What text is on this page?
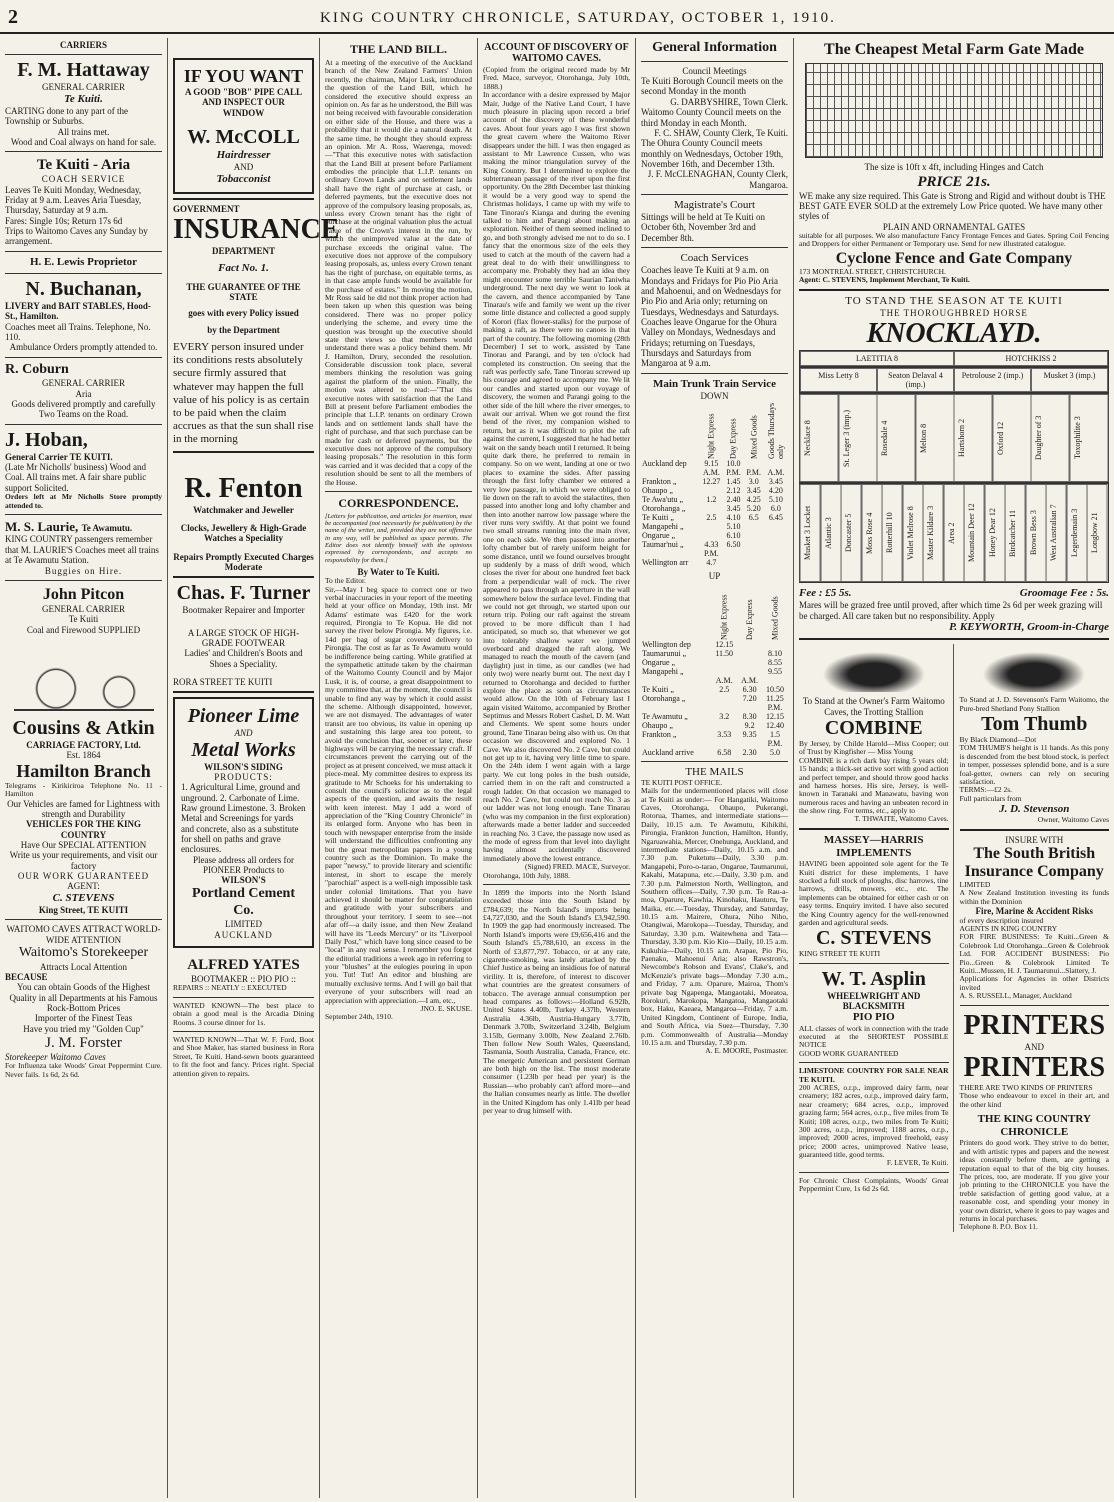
2	KING COUNTRY CHRONICLE, SATURDAY, OCTOBER 1, 1910.
CARRIERS
F. M. Hattaway
GENERAL CARRIER
Te Kuiti.
CARTING done to any part of the Township or Suburbs.
All trains met.
Wood and Coal always on hand for sale.
Te Kuiti - Aria
COACH SERVICE
Leaves Te Kuiti Monday, Wednesday, Friday at 9 a.m. Leaves Aria Tuesday, Thursday, Saturday at 9 a.m.
Fares: Single 10s; Return 17s 6d
Trips to Waitomo Caves any Sunday by arrangement.
H. E. Lewis Proprietor
N. Buchanan,
LIVERY and BAIT STABLES, Hood-St., Hamilton.
Coaches meet all Trains. Telephone, No. 110.
Ambulance Orders promptly attended to.
R. Coburn
GENERAL CARRIER
Aria
Goods delivered promptly and carefully
Two Teams on the Road.
J. Hoban,
General Carrier TE KUITI.
(Late Mr Nicholls' business) Wood and Coal. All trains met. A fair share public support Solicited.
Orders left at Mr Nicholls Store promptly attended to.
M. S. Laurie, Te Awamutu.
KING COUNTRY passengers remember that M. LAURIE'S Coaches meet all trains at Te Awamutu Station.
Buggies on Hire.
John Pitcon
GENERAL CARRIER
Te Kuiti
Coal and Firewood SUPPLIED
Cousins & Atkin
CARRIAGE FACTORY, Ltd.
Est. 1864
Hamilton Branch
Telegrams - Kirikiriroa Telephone No. 11 - Hamilton
Our Vehicles are famed for Lightness with strength and Durability
VEHICLES FOR THE KING COUNTRY
Have Our SPECIAL ATTENTION
Write us your requirements, and visit our factory
OUR WORK GUARANTEED
AGENT:
C. STEVENS
King Street, TE KUITI
WAITOMO CAVES ATTRACT WORLD-WIDE ATTENTION
Waitomo's Storekeeper
Attracts Local Attention
BECAUSE
You can obtain Goods of the Highest Quality in all Departments at his Famous Rock-Bottom Prices
Importer of the Finest Teas
Have you tried my "Golden Cup"
J. M. Forster
Storekeeper Waitomo Caves
For Influenza take Woods' Great Peppermint Cure. Never fails. 1s 6d, 2s 6d.
IF YOU WANT
A GOOD "BOB" PIPE CALL AND INSPECT OUR WINDOW
W. McCOLL
Hairdresser
AND
Tobacconist
GOVERNMENT
INSURANCE
DEPARTMENT
Fact No. 1.
THE GUARANTEE OF THE STATE
goes with every Policy issued
by the Department
EVERY person insured under its conditions rests absolutely secure firmly assured that whatever may happen the full value of his policy is as certain to be paid when the claim accrues as that the sun shall rise in the morning
R. Fenton
Watchmaker and Jeweller
Clocks, Jewellery & High-Grade Watches a Speciality
Repairs Promptly Executed Charges Moderate
Chas. F. Turner
Bootmaker Repairer and Importer
A LARGE STOCK OF HIGH-GRADE FOOTWEAR
Ladies' and Children's Boots and Shoes a Speciality.
RORA STREET TE KUITI
Pioneer Lime
AND
Metal Works
WILSON'S SIDING
PRODUCTS:
1. Agricultural Lime, ground and unground. 2. Carbonate of Lime. Raw ground Limestone. 3. Broken Metal and Screenings for yards and concrete, also as a substitute for shell on paths and grave enclosures.
Please address all orders for PIONEER Products to
WILSON'S
Portland Cement Co.
LIMITED
AUCKLAND
ALFRED YATES
BOOTMAKER :: PIO PIO ::
REPAIRS :: NEATLY :: EXECUTED
WANTED KNOWN—The best place to obtain a good meal is the Arcadia Dining Rooms. 3 course dinner for 1s.
WANTED KNOWN—That W. F. Ford, Boot and Shoe Maker, has started business in Rora Street, Te Kuiti. Hand-sewn boots guaranteed to fit the foot and fancy. Prices right. Special attention given to repairs.
THE LAND BILL.
At a meeting of the executive of the Auckland branch of the New Zealand Farmers' Union recently, the chairman, Major Lusk, introduced the question of the Land Bill, which he considered the executive should express an opinion on. As far as he understood, the Bill was not being received with favourable consideration on either side of the House, and there was a probability that it would die a natural death. At the same time, he thought they should express an opinion. Mr A. Ross, Waerenga, moved:—"That this executive notes with satisfaction that the Land Bill at present before Parliament embodies the principle that L.I.P. tenants on ordinary Crown Lands and on settlement lands shall have the right of purchase at cash, or deferred payments, but the executive does not approve of the compulsory leasing proposals, as, unless every Crown tenant has the right of purchase at the original valuation plus the actual value of the Crown's interest in the run, by which the unimproved value at the date of purchase exceeds the original value. The executive does not approve of the compulsory leasing proposals, as, unless every Crown tenant has the right of purchase, on equitable terms, as in that case ample funds would be available for the purchase of estates." In moving the motion, Mr Ross said he did not think proper action had been taken up when this question was being considered. There was no proper policy underlying the scheme, and every time the question was brought up the executive should state their views so that members would understand there was a policy behind them. Mr J. Hamilton, Drury, seconded the resolution. Considerable discussion took place, several members thinking the resolution was going against the platform of the union. Finally, the motion was altered to read:—"That this executive notes with satisfaction that the Land Bill at present before Parliament embodies the principle that L.I.P. tenants on ordinary Crown lands and on settlement lands shall have the right of purchase, and that such purchase can be made for cash or deferred payments, but the executive does not approve of the compulsory leasing proposals." The resolution in this form was carried and it was decided that a copy of the resolution should be sent to all the members of the House.
CORRESPONDENCE.
[Letters for publication, and articles for insertion, must be accompanied (not necessarily for publication) by the name of the writer, and, provided they are not offensive in any way, will be published as space permits. The Editor does not identify himself with the opinions expressed by correspondents, and accepts no responsibility for them.]
By Water to Te Kuiti.
To the Editor.
Sir,—May I beg space to correct one or two verbal inaccuracies in your report of the meeting held at your office on Monday, 19th inst. Mr Adams' estimate was £420 for the work required, Pirongia to Te Kopua. He did not survey the river below Pirongia. My figures, i.e. 14d per bag of sugar covered delivery to Pirongia. The cost as far as Te Awamutu would be indifference being carting. While gratified at the sympathetic attitude taken by the chairman of the Waitomo County Council and by Major Lusk, it is, of course, a great disappointment to my committee that, at the moment, the council is unable to find any way by which it could assist the scheme. Although disappointed, however, we are not dismayed. The advantages of water transit are too obvious, its value in opening up and sustaining this large area too potent, to avoid the conclusion that, sooner or later, these highways will be carrying the necessary craft. If circumstances prevent the carrying out of the project as at present conceived, we must attack it piece-meal. My committee desires to express its gratitude to Mr Schoeks for his undertaking to consult the council's solicitor as to the legal aspects of the question, and awaits the result with keen interest. May I add a word of appreciation of the "King Country Chronicle" in its enlarged form. Anyone who has been in touch with newspaper enterprise from the inside will understand the difficulties confronting any but the great metropolitan papers in a young country such as the Dominion. To make the paper "newsy," to provide literary and scientific interest, in short to escape the merely "parochial" aspect is a well-nigh impossible task under colonial limitations. That you have achieved it should be matter for congratulation and gratitude with your subscribers and throughout your territory. I seem to see—not afar off—a daily issue, and then New Zealand will have its "Leeds Mercury" or its "Liverpool Daily Post," which have long since ceased to be "local" in any real sense. I remember you forgot the editorial traditions a week ago in referring to your "blushes" at the eulogies pouring in upon you. Tut! Tut! An editor and blushing are mutually exclusive terms. And I will go bail that everyone of your subscribers will read an appreciation with appreciation.—I am, etc.,
JNO. E. SKUSE.
September 24th, 1910.
ACCOUNT OF DISCOVERY OF WAITOMO CAVES.
(Copied from the original record made by Mr Fred. Mace, surveyor, Otorohanga, July 10th, 1888.)
In accordance with a desire expressed by Major Mair, Judge of the Native Land Court, I have much pleasure in placing upon record a brief account of the discovery of these wonderful caves. About four years ago I was first shown the great cavern where the Waitomo River disappears under the hill. I was then engaged as assistant to Mr Lawrence Cussen, who was making the minor triangulation survey of the King Country. But I determined to explore the subterranean passage of the river upon the first opportunity. On the 28th December last thinking it would be a very good way to spend the Christmas holidays, I came up with my wife to Tane Tinorau's Kianga and during the evening talked to him and Parangi about making an exploration. Neither of them seemed inclined to go, and both strongly advised me not to do so. I fancy that the enormous size of the eels they used to catch at the mouth of the cavern had a great deal to do with their unwillingness to accompany me. Probably they had an idea they might encounter some terrible Saurian Taniwha underground. The next day we went to look at the cavern, and thence accompanied by Tane Tinarau's wife and family we went up the river some little distance and collected a good supply of Korori (flax flower-stalks) for the purpose of making a raft, as there were no canoes in that part of the country. The following morning (28th December) I set to work, assisted by Tane Tinorau and Parangi, and by ten o'clock had completed its construction. On seeing that the raft was perfectly safe, Tane Tinorau screwed up his courage and agreed to accompany me. We lit our candles and started upon our voyage of discovery, the women and Parangi going to the other side of the hill where the river emerges, to await our arrival. When we got round the first bend of the river, my companion wished to return, but as it was difficult to pilot the raft against the current, I suggested that he had better wait on the sandy beach until I returned. It being quite dark there, he preferred to remain in company. So on we went, landing at one or two places to examine the sides. After passing through the first lofty chamber we entered a very low passage, in which we were obliged to lie down on the raft to avoid the stalactites, then passed into another long and lofty chamber and then into another narrow low passage where the river runs very swiftly. At that point we found two small streams running into the main river, one on each side. We then passed into another lofty chamber but of rarely uniform height for some distance, until we found ourselves brought up suddenly by a mass of drift wood, which closes the river for about one hundred feet back from a perpendicular wall of rock. The river appeared to pass through an aperture in the wall somewhere below the surface level. Finding that we could not get through, we started upon our return trip. Poling our raft against the stream proved to be more difficult than I had anticipated, so much so, that whenever we got into tolerably shallow water we jumped overboard and dragged the raft along. We managed to reach the mouth of the cavern (and daylight) just in time, as our candles (we had only two) were nearly burnt out. The next day I returned to Otorohanga and decided to further explore the place as soon as circumstances would allow. On the 10th of February last I again visited Waitomo, accompanied by Brother Septimus and Messrs Robert Cashel, D. M. Watt and Clements. We spent some hours under ground, Tane Tinarau being also with us. On that occasion we discovered and explored No. 1 Cave. We also discovered No. 2 Cave, but could not get up to it, having very little time to spare. On the 24th idem I went again with a large party. We cut long poles in the bush outside, carried them in on the raft and constructed a rough ladder. On that occasion we managed to reach No. 2 Cave, but could not reach No. 3 as our ladder was not long enough. Tane Tinarau (who was my companion in the first exploration) afterwards made a better ladder and succeeded in reaching No. 3 Cave, the passage now used as the mode of egress from that level into daylight having almost accidentally discovered immediately above the lowest entrance.
(Signed) FRED. MACE, Surveyor.
Otorohanga, 10th July, 1888.
In 1899 the imports into the North Island exceeded those into the South Island by £784,639; the North Island's imports being £4,727,030, and the South Island's £3,942,590. In 1909 the gap had enormously increased. The North Island's imports were £9,656,416 and the South Island's £5,788,610, an excess in the North of £3,877,797. Tobacco, or at any rate, cigarette-smoking, was lately attacked by the Chief Justice as being an insidious foe of natural virility. It is, therefore, of interest to discover what countries are the greatest consumers of tobacco. The average annual consumption per head compares as follows:—Holland 6.92lb, United States 4.40lb, Turkey 4.37lb, Western Australia 4.36lb, Austria-Hungary 3.77lb, Denmark 3.70lb, Switzerland 3.24lb, Belgium 3.15lb, Germany 3.00lb, New Zealand 2.76lb. Then follow New South Wales, Queensland, Tasmania, South Australia, Canada, France, etc. The energetic American and persistent German are both high on the list. The most moderate consumer (1.23lb per head per year) is the Russian—who probably can't afford more—and the Italian consumes nearly as little. The dweller in the United Kingdom has only 1.41lb per head per year to drug himself with.
General Information
Council Meetings
Te Kuiti Borough Council meets on the second Monday in the month
G. DARBYSHIRE, Town Clerk.
Waitomo County Council meets on the third Monday in each Month.
F. C. SHAW, County Clerk, Te Kuiti.
The Ohura County Council meets monthly on Wednesdays, October 19th, November 16th, and December 13th.
J. F. McCLENAGHAN, County Clerk, Mangaroa.
Magistrate's Court
Sittings will be held at Te Kuiti on October 6th, November 3rd and December 8th.
Coach Services
Coaches leave Te Kuiti at 9 a.m. on Mondays and Fridays for Pio Pio Aria and Mahoenui, and on Wednesdays for Pio Pio and Aria only; returning on Tuesdays, Wednesdays and Saturdays.
Coaches leave Ongarue for the Ohura Valley on Mondays, Wednesdays and Fridays; returning on Tuesdays, Thursdays and Saturdays from Mangaroa at 9 a.m.
Main Trunk Train Service
DOWN
	Night Express	Day Express	Mixed Goods	Goods Thursdays only
Auckland dep	9.15	10.0		
	A.M.	P.M.	P.M.	A.M.
Frankton „	12.27	1.45	3.0	3.45
Ohaupo „		2.12	3.45	4.20
Te Awa'utu „	1.2	2.40	4.25	5.10
Otorohanga „		3.45	5.20	6.0
Te Kuiti „	2.5	4.10	6.5	6.45
Mangapehi „		5.10		
Ongarue „		6.10		
Taumar'nui „	4.33	6.50		
	P.M.			
Wellington arr	4.7			
UP
	Night Express	Day Express	Mixed Goods
Wellington dep	12.15		
Taumarunui „	11.50		8.10
Ongarue „			8.55
Mangapehi „			9.55
	A.M.	A.M.	
Te Kuiti „	2.5	6.30	10.50
Otorohanga „		7.20	11.25
			P.M.
Te Awamutu „	3.2	8.30	12.15
Ohaupo „		9.2	12.40
Frankton „	3.53	9.35	1.5
			P.M.
Auckland arrive	6.58	2.30	5.0
THE MAILS
TE KUITI POST OFFICE.
Mails for the undermentioned places will close at Te Kuiti as under:— For Hangatiki, Waitomo Caves, Otorohanga, Ohaupo, Pukerangi, Rotorua, Thames, and intermediate stations—Daily, 10.15 a.m. Te Awamutu, Kihikihi, Pirongia, Frankton Junction, Hamilton, Huntly, Ngaruawahia, Mercer, Onehunga, Auckland, and intermediate stations—Daily, 10.15 a.m. and 7.30 p.m. Puketutu—Daily, 3.30 p.m. Mangapehi, Poro-o-tarao, Ongarue, Taumarunui, Kakahi, Matapuna, etc.—Daily, 3.30 p.m. and 7.30 p.m. Palmerston North, Wellington, and Southern offices—Daily, 7.30 p.m. Te Rau-a-moa, Oparure, Kawhia, Kinohaku, Hauturu, Te Maika, etc.—Tuesday, Thursday, and Saturday, 10.15 a.m. Mairere, Ohura, Niho Niho, Otangiwai, Marokopa—Tuesday, Thursday, and Saturday, 3.30 p.m. Waitewhena and Tata—Thursday, 3.30 p.m. Kio Kio—Daily, 10.15 a.m. Kukuhia—Daily, 10.15 a.m. Arapae, Pio Pio, Paenako, Mahoenui Aria; also Rawstron's, Newcombe's Robson and Evans', Clake's, and McKenzie's private bags—Monday 7.30 a.m., and Friday, 7 a.m. Oparure, Mairoa, Thom's private bag Ngapenga, Mangaotaki, Moeatoa, Rorokuri, Marokopa, Mangatoa, Mangaotaki box, Haku, Kaeaea, Mangaroa—Friday, 7 a.m. United Kingdom, Continent of Europe, India, and South Africa, via Suez—Thursday, 7.30 p.m. Commonwealth of Australia—Monday 10.15 a.m. and Thursday, 7.30 p.m.
A. E. MOORE, Postmaster.
The Cheapest Metal Farm Gate Made
The size is 10ft x 4ft, including Hinges and Catch
PRICE 21s.
WE make any size required. This Gate is Strong and Rigid and without doubt is THE BEST GATE EVER SOLD at the extremely Low Price quoted. We have many other styles of
PLAIN AND ORNAMENTAL GATES
suitable for all purposes. We also manufacture Fancy Frontage Fences and Gates. Spring Coil Fencing and Droppers for either Permanent or Temporary use. Send for new illustrated catalogue.
Cyclone Fence and Gate Company
173 MONTREAL STREET, CHRISTCHURCH.
Agent: C. STEVENS, Implement Merchant, Te Kuiti.
TO STAND THE SEASON AT TE KUITI
THE THOROUGHBRED HORSE
KNOCKLAYD.
LAETITIA 8	HOTCHKISS 2
Miss Letty 8	Seaton Delaval 4 (imp.)
Petrolouse 2 (imp.)	Musket 3 (imp.)
Necklace 8	St. Leger 3 (imp.)	Rosedale 4	Melton 8	Hartshorn 2	Oxford 12	Daughter of 3	Toxophilite 3
Musket 3 Locket	Atlantic 3	Doncaster 5	Moss Rose 4	Rotterhill 10	Violet Melrose 8	Master Kildare 3	Area 2	Mountain Deer 12	Honey Dear 12	Birdcatcher 11	Brown Bess 3	West Australian 7	Legerdemain 3	Longbow 21
Fee : £5 5s.	Groomage Fee : 5s.
Mares will be grazed free until proved, after which time 2s 6d per week grazing will be charged. All care taken but no responsibility. Apply
P. KEYWORTH, Groom-in-Charge
To Stand at the Owner's Farm Waitomo Caves, the Trotting Stallion
COMBINE
By Jersey, by Childe Harold—Miss Cooper; out of Trust by Kingfisher — Miss Young
COMBINE is a rich dark bay rising 5 years old; 15 hands; a thick-set active sort with good action and perfect temper, and should throw good hacks and harness horses. His sire, Jersey, is well-known in Taranaki and Manawatu, having won numerous races and having an unbeaten record in the show ring. For terms, etc., apply to
T. THWAITE, Waitomo Caves.
MASSEY—HARRIS IMPLEMENTS
HAVING been appointed sole agent for the Te Kuiti district for these implements, I have stocked a full stock of ploughs, disc harrows, tine harrows, drills, mowers, etc., etc. The implements can be obtained for either cash or on easy terms. Enquiry invited. I have also secured the King Country agency for the well-renowned garden and agricultural seeds.
C. STEVENS
KING STREET TE KUITI
W. T. Asplin
WHEELWRIGHT AND BLACKSMITH
PIO PIO
ALL classes of work in connection with the trade executed at the SHORTEST POSSIBLE NOTICE
GOOD WORK GUARANTEED
LIMESTONE COUNTRY FOR SALE NEAR TE KUITI.
200 ACRES, o.r.p., improved dairy farm, near creamery; 182 acres, o.r.p., improved dairy farm, near creamery; 684 acres, o.r.p., improved grazing farm; 564 acres, o.r.p., five miles from Te Kuiti; 108 acres, o.r.p., two miles from Te Kuiti; 300 acres, o.r.p., improved; 1188 acres, o.r.p., improved; 2000 acres, improved freehold, easy price; 2000 acres, unimproved Native lease, guaranteed title, good terms.
F. LEVER, Te Kuiti.
For Chronic Chest Complaints, Woods' Great Peppermint Cure, 1s 6d 2s 6d.
To Stand at J. D. Stevenson's Farm Waitomo, the Pure-bred Shetland Pony Stallion
Tom Thumb
By Black Diamond—Dot
TOM THUMB'S height is 11 hands. As this pony is descended from the best blood stock, is perfect in temper, possesses splendid bone, and is a sure foal-getter, owners can rely on securing satisfaction.
TERMS:—£2 2s.
Full particulars from
J. D. Stevenson
Owner, Waitomo Caves
INSURE WITH
The South British Insurance Company
LIMITED
A New Zealand Institution investing its funds within the Dominion
Fire, Marine & Accident Risks
of every description insured
AGENTS IN KING COUNTRY
FOR FIRE BUSINESS: Te Kuiti...Green & Colebrook Ltd Otorohanga...Green & Colebrook Ltd. FOR ACCIDENT BUSINESS: Pio Pio...Green & Colebrook Limited Te Kuiti...Mussen, H. J. Taumarunui...Slattery, J.
Applications for Agencies in other Districts invited
A. S. RUSSELL, Manager, Auckland
PRINTERS
AND
PRINTERS
THERE ARE TWO KINDS OF PRINTERS
Those who endeavour to excel in their art, and the other kind
THE KING COUNTRY CHRONICLE
Printers do good work. They strive to do better, and with artistic types and papers and the newest ideas constantly before them, are getting a reputation equal to that of the big city houses. The prices, too, are moderate. If you give your job printing to the CHRONICLE you have the treble satisfaction of getting good value, at a reasonable cost, and spending your money in your own district, where it goes to pay wages and returns in local purchases.
Telephone 8. P.O. Box 11.
